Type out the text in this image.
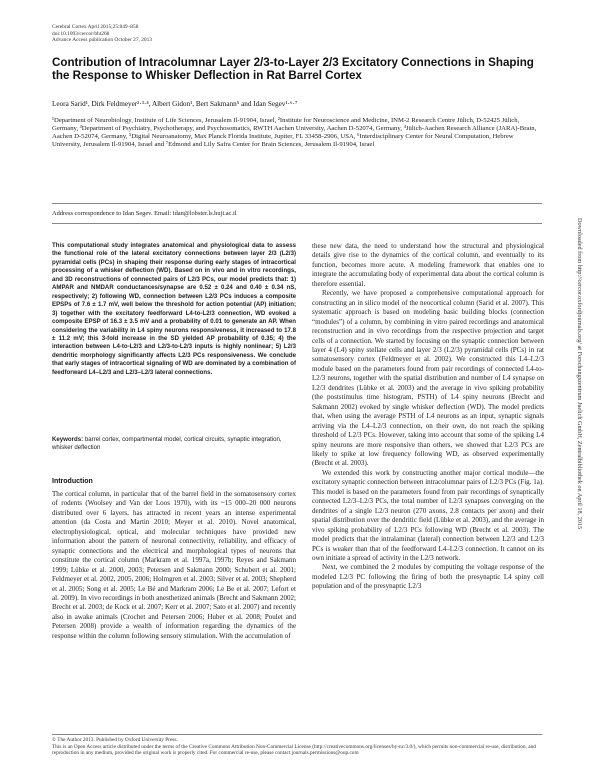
Cerebral Cortex April 2015;25:849–858
doi:10.1093/cercor/bht268
Advance Access publication October 27, 2013
Contribution of Intracolumnar Layer 2/3-to-Layer 2/3 Excitatory Connections in Shaping the Response to Whisker Deflection in Rat Barrel Cortex
Leora Sarid¹, Dirk Feldmeyer²·³·⁴, Albert Gidon¹, Bert Sakmann⁵ and Idan Segev¹·⁶·⁷
¹Department of Neurobiology, Institute of Life Sciences, Jerusalem Il-91904, Israel, ²Institute for Neuroscience and Medicine, INM-2 Research Centre Jülich, D-52425 Jülich, Germany, ³Department of Psychiatry, Psychotherapy, and Psychosomatics, RWTH Aachen University, Aachen D-52074, Germany, ⁴Jülich-Aachen Research Alliance (JARA)-Brain, Aachen D-52074, Germany, ⁵Digital Neuroanatomy, Max Planck Florida Institute, Jupiter, FL 33458-2906, USA, ⁶Interdisciplinary Center for Neural Computation, Hebrew University, Jerusalem Il-91904, Israel and ⁷Edmond and Lily Safra Center for Brain Sciences, Jerusalem Il-91904, Israel
Address correspondence to Idan Segev. Email: idan@lobster.ls.huji.ac.il
This computational study integrates anatomical and physiological data to assess the functional role of the lateral excitatory connections between layer 2/3 (L2/3) pyramidal cells (PCs) in shaping their response during early stages of intracortical processing of a whisker deflection (WD). Based on in vivo and in vitro recordings, and 3D reconstructions of connected pairs of L2/3 PCs, our model predicts that: 1) AMPAR and NMDAR conductances/synapse are 0.52 ± 0.24 and 0.40 ± 0.34 nS, respectively; 2) following WD, connection between L2/3 PCs induces a composite EPSPs of 7.6 ± 1.7 mV, well below the threshold for action potential (AP) initiation; 3) together with the excitatory feedforward L4-to-L2/3 connection, WD evoked a composite EPSP of 16.3 ± 3.5 mV and a probability of 0.01 to generate an AP. When considering the variability in L4 spiny neurons responsiveness, it increased to 17.8 ± 11.2 mV; this 3-fold increase in the SD yielded AP probability of 0.35; 4) the interaction between L4-to-L2/3 and L2/3-to-L2/3 inputs is highly nonlinear; 5) L2/3 dendritic morphology significantly affects L2/3 PCs responsiveness. We conclude that early stages of intracortical signaling of WD are dominated by a combination of feedforward L4–L2/3 and L2/3–L2/3 lateral connections.
Keywords: barrel cortex, compartmental model, cortical circuits, synaptic integration, whisker deflection
Introduction

The cortical column, in particular that of the barrel field in the somatosensory cortex of rodents (Woolsey and Van der Loos 1970), with its ~15 000–20 000 neurons distributed over 6 layers, has attracted in recent years an intense experimental attention (da Costa and Martin 2010; Meyer et al. 2010). Novel anatomical, electrophysiological, optical, and molecular techniques have provided new information about the pattern of neuronal connectivity, reliability, and efficacy of synaptic connections and the electrical and morphological types of neurons that constitute the cortical column (Markram et al. 1997a, 1997b; Reyes and Sakmann 1999; Lübke et al. 2000, 2003; Petersen and Sakmann 2000; Schubert et al. 2001; Feldmeyer et al. 2002, 2005, 2006; Holmgren et al. 2003; Silver et al. 2003; Shepherd et al. 2005; Song et al. 2005; Le Bé and Markram 2006; Le Be et al. 2007; Lefort et al. 2009). In vivo recordings in both anesthetized animals (Brecht and Sakmann 2002; Brecht et al. 2003; de Kock et al. 2007; Kerr et al. 2007; Sato et al. 2007) and recently also in awake animals (Crochet and Petersen 2006; Huber et al. 2008; Poulet and Petersen 2008) provide a wealth of information regarding the dynamics of the response within the column following sensory stimulation. With the accumulation of

these new data, the need to understand how the structural and physiological details give rise to the dynamics of the cortical column, and eventually to its function, becomes more acute. A modeling framework that enables one to integrate the accumulating body of experimental data about the cortical column is therefore essential.

Recently, we have proposed a comprehensive computational approach for constructing an in silico model of the neocortical column (Sarid et al. 2007). This systematic approach is based on modeling basic building blocks (connection “modules”) of a column, by combining in vitro paired recordings and anatomical reconstruction and in vivo recordings from the respective projection and target cells of a connection. We started by focusing on the synaptic connection between layer 4 (L4) spiny stellate cells and layer 2/3 (L2/3) pyramidal cells (PCs) in rat somatosensory cortex (Feldmeyer et al. 2002). We constructed this L4–L2/3 module based on the parameters found from pair recordings of connected L4-to-L2/3 neurons, together with the spatial distribution and number of L4 synapse on L2/3 dendrites (Lübke et al. 2003) and the average in vivo spiking probability (the poststimulus time histogram, PSTH) of L4 spiny neurons (Brecht and Sakmann 2002) evoked by single whisker deflection (WD). The model predicts that, when using the average PSTH of L4 neurons as an input, synaptic signals arriving via the L4–L2/3 connection, on their own, do not reach the spiking threshold of L2/3 PCs. However, taking into account that some of the spiking L4 spiny neurons are more responsive than others, we showed that L2/3 PCs are likely to spike at low frequency following WD, as observed experimentally (Brecht et al. 2003).

We extended this work by constructing another major cortical module—the excitatory synaptic connection between intracolumnar pairs of L2/3 PCs (Fig. 1a). This model is based on the parameters found from pair recordings of synaptically connected L2/3–L2/3 PCs, the total number of L2/3 synapses converging on the dendrites of a single L2/3 neuron (270 axons, 2.8 contacts per axon) and their spatial distribution over the dendritic field (Lübke et al. 2003), and the average in vivo spiking probability of L2/3 PCs following WD (Brecht et al. 2003). The model predicts that the intralaminar (lateral) connection between L2/3 and L2/3 PCs is weaker than that of the feedforward L4–L2/3 connection. It cannot on its own initiate a spread of activity in the L2/3 network.

Next, we combined the 2 modules by computing the voltage response of the modeled L2/3 PC following the firing of both the presynaptic L4 spiny cell population and of the presynaptic L2/3

© The Author 2013. Published by Oxford University Press.
This is an Open Access article distributed under the terms of the Creative Commons Attribution Non-Commercial License (http://creativecommons.org/licenses/by-nc/3.0/), which permits non-commercial re-use, distribution, and reproduction in any medium, provided the original work is properly cited. For commercial re-use, please contact journals.permissions@oup.com
Downloaded from http://cercor.oxfordjournals.org/ at Forschungszentrum Juelich GmbH, Zentralbibliothek on April 18, 2015
